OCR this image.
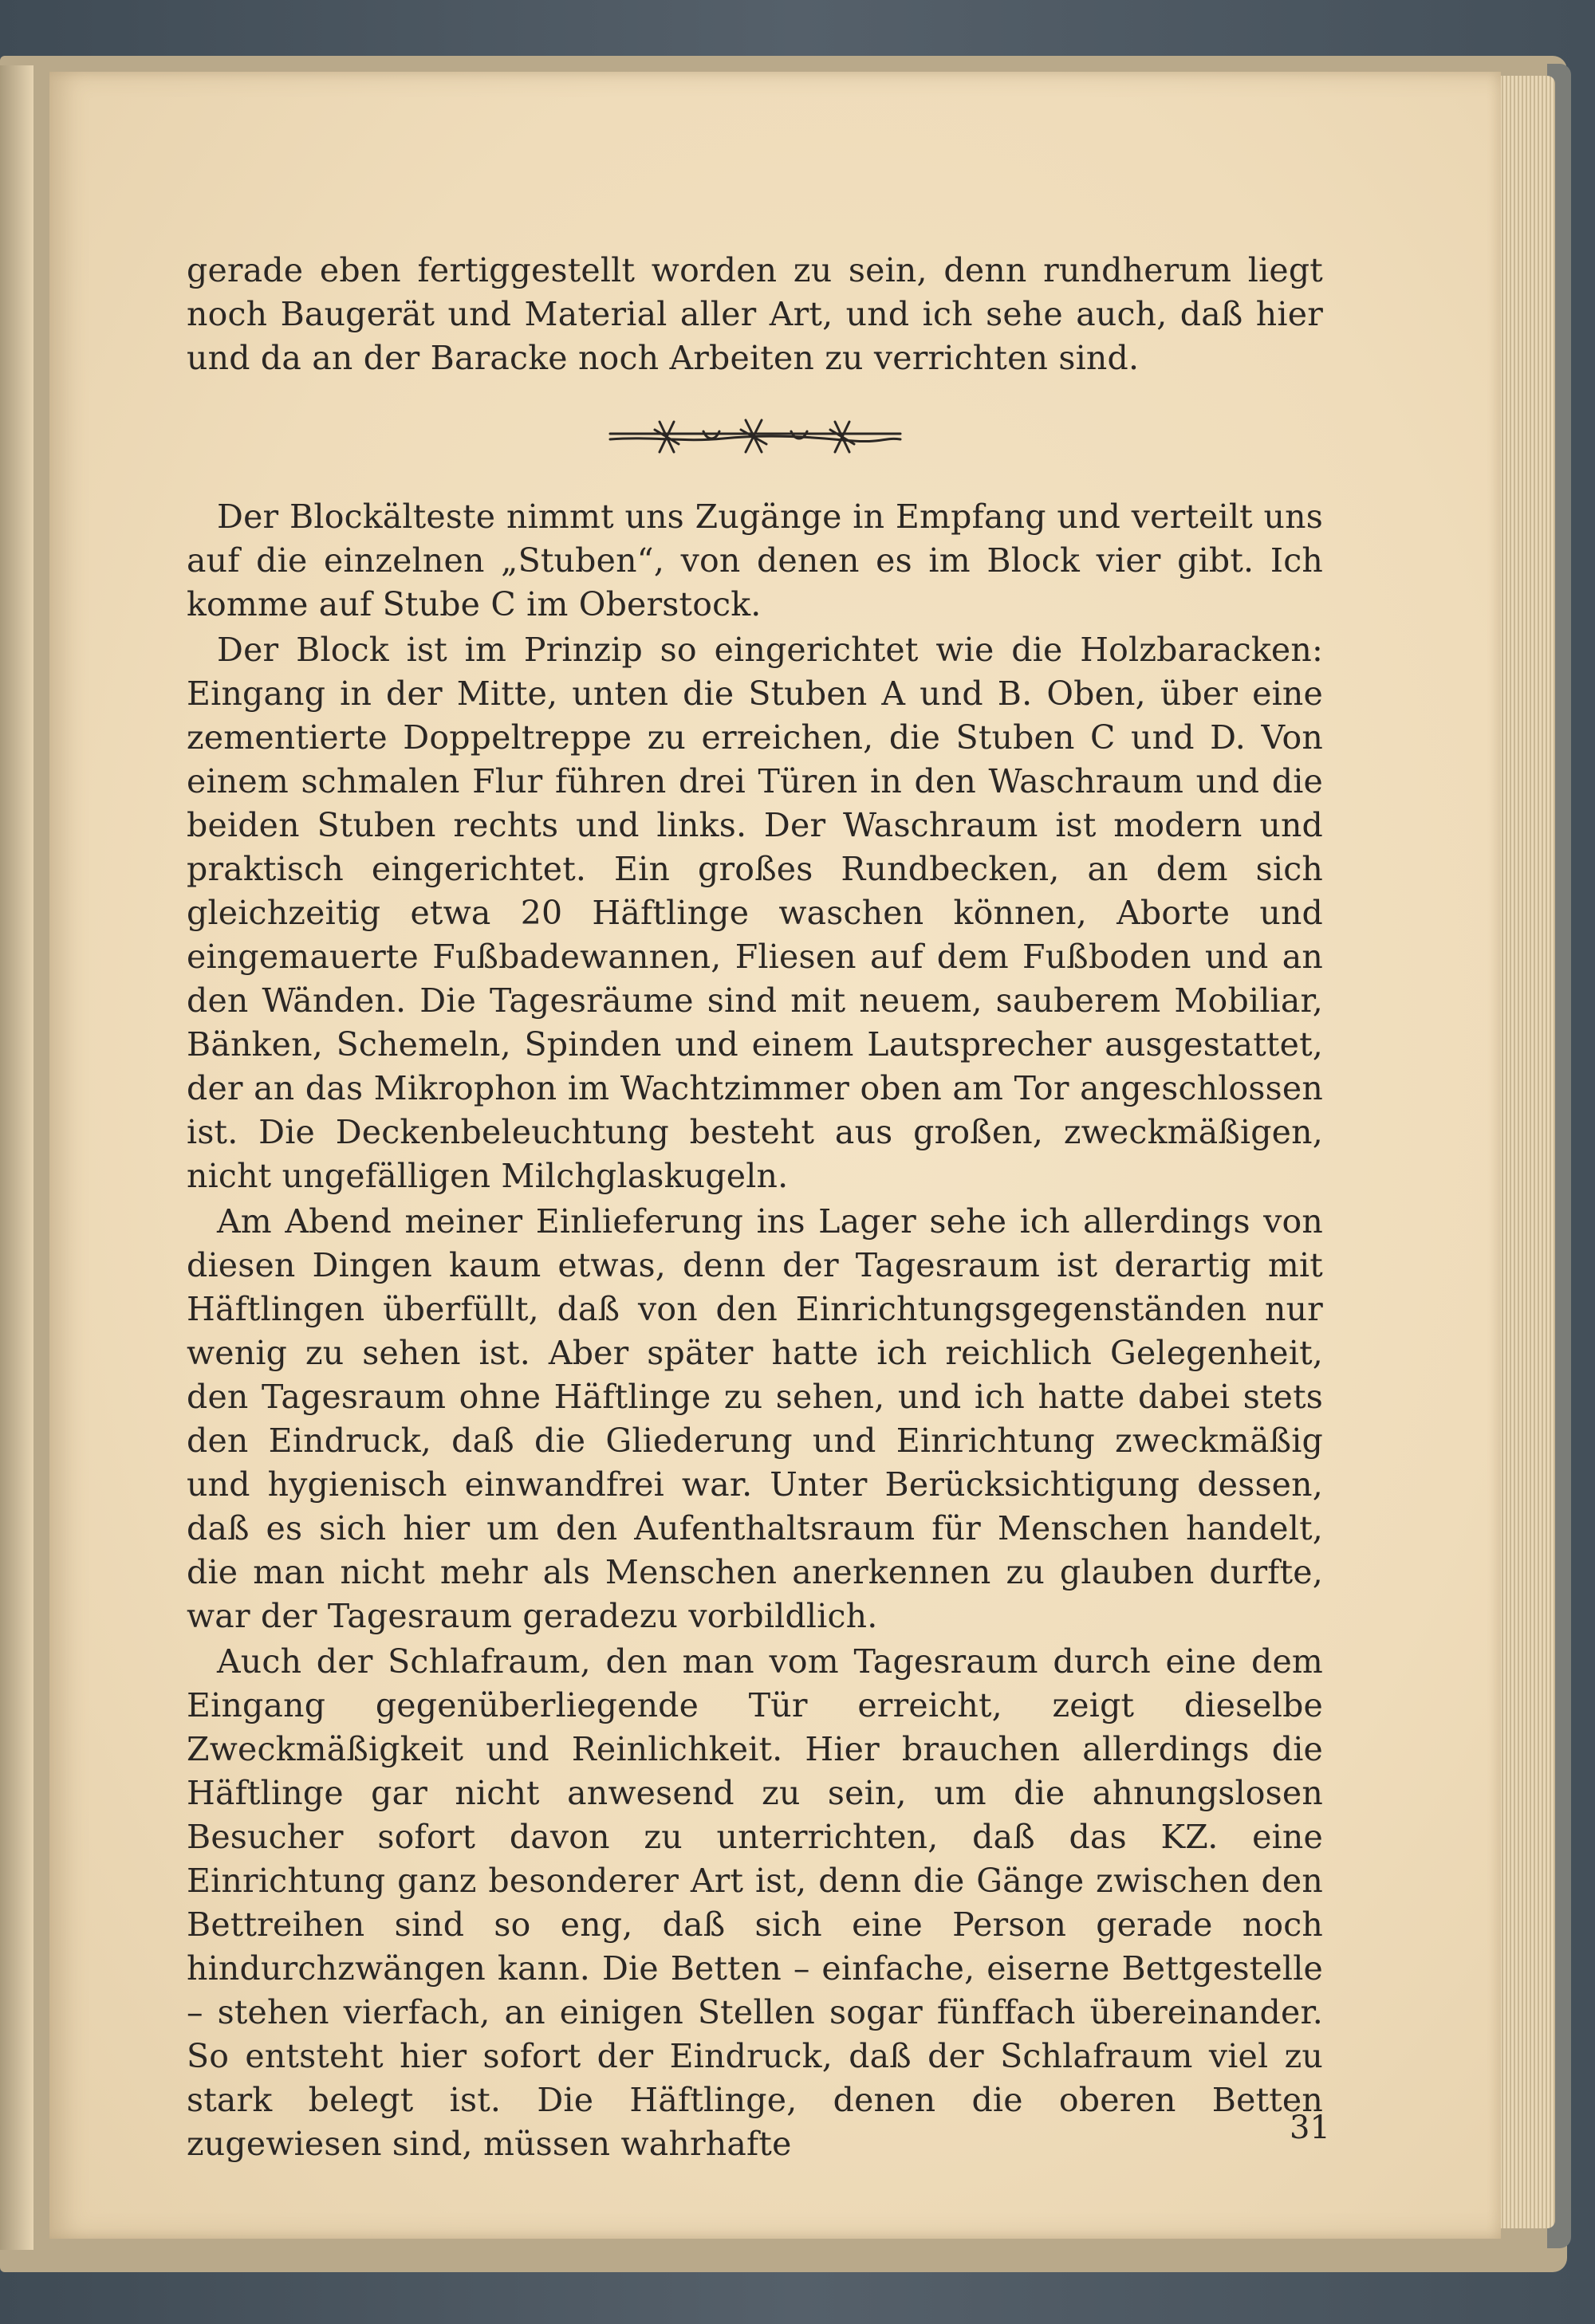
gerade eben fertiggestellt worden zu sein, denn rundherum liegt noch Baugerät und Material aller Art, und ich sehe auch, daß hier und da an der Baracke noch Arbeiten zu verrichten sind.

Der Blockälteste nimmt uns Zugänge in Empfang und verteilt uns auf die einzelnen „Stuben“, von denen es im Block vier gibt. Ich komme auf Stube C im Oberstock.

Der Block ist im Prinzip so eingerichtet wie die Holzbaracken: Eingang in der Mitte, unten die Stuben A und B. Oben, über eine zementierte Doppeltreppe zu erreichen, die Stuben C und D. Von einem schmalen Flur führen drei Türen in den Waschraum und die beiden Stuben rechts und links. Der Waschraum ist modern und praktisch eingerichtet. Ein großes Rundbecken, an dem sich gleichzeitig etwa 20 Häftlinge waschen können, Aborte und eingemauerte Fußbadewannen, Fliesen auf dem Fußboden und an den Wänden. Die Tagesräume sind mit neuem, sauberem Mobiliar, Bänken, Schemeln, Spinden und einem Lautsprecher ausgestattet, der an das Mikrophon im Wachtzimmer oben am Tor angeschlossen ist. Die Deckenbeleuchtung besteht aus großen, zweckmäßigen, nicht ungefälligen Milchglaskugeln.

Am Abend meiner Einlieferung ins Lager sehe ich allerdings von diesen Dingen kaum etwas, denn der Tagesraum ist derartig mit Häftlingen überfüllt, daß von den Einrichtungsgegenständen nur wenig zu sehen ist. Aber später hatte ich reichlich Gelegenheit, den Tagesraum ohne Häftlinge zu sehen, und ich hatte dabei stets den Eindruck, daß die Gliederung und Einrichtung zweckmäßig und hygienisch einwandfrei war. Unter Berücksichtigung dessen, daß es sich hier um den Aufenthaltsraum für Menschen handelt, die man nicht mehr als Menschen anerkennen zu glauben durfte, war der Tagesraum geradezu vorbildlich.

Auch der Schlafraum, den man vom Tagesraum durch eine dem Eingang gegenüberliegende Tür erreicht, zeigt dieselbe Zweckmäßigkeit und Reinlichkeit. Hier brauchen allerdings die Häftlinge gar nicht anwesend zu sein, um die ahnungslosen Besucher sofort davon zu unterrichten, daß das KZ. eine Einrichtung ganz besonderer Art ist, denn die Gänge zwischen den Bettreihen sind so eng, daß sich eine Person gerade noch hindurchzwängen kann. Die Betten – einfache, eiserne Bettgestelle – stehen vierfach, an einigen Stellen sogar fünffach übereinander. So entsteht hier sofort der Eindruck, daß der Schlafraum viel zu stark belegt ist. Die Häftlinge, denen die oberen Betten zugewiesen sind, müssen wahrhafte	31
